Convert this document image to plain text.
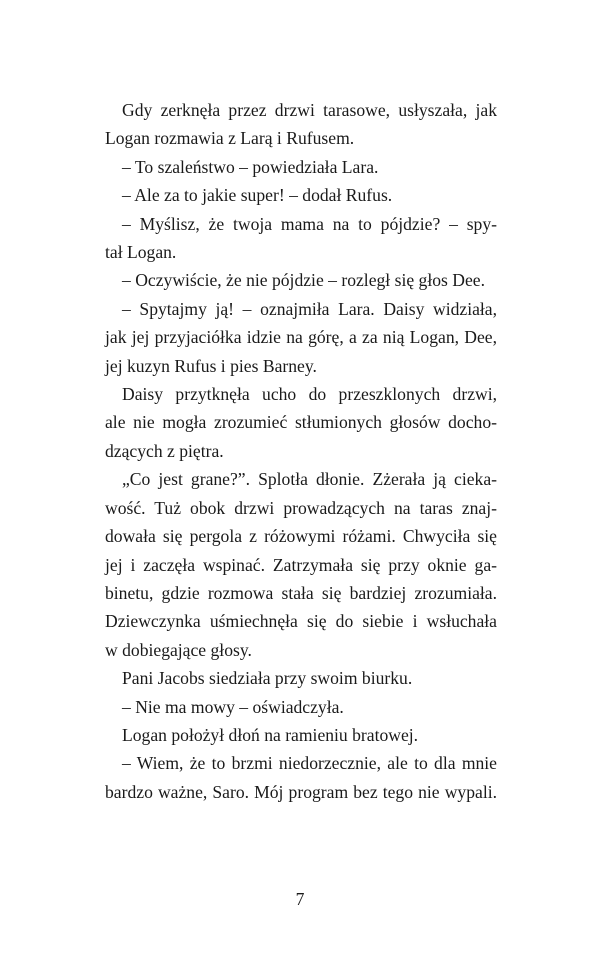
Gdy zerknęła przez drzwi tarasowe, usłyszała, jak
Logan rozmawia z Larą i Rufusem.

– To szaleństwo – powiedziała Lara.

– Ale za to jakie super! – dodał Rufus.

– Myślisz, że twoja mama na to pójdzie? – spy-
tał Logan.

– Oczywiście, że nie pójdzie – rozległ się głos Dee.

– Spytajmy ją! – oznajmiła Lara. Daisy widziała,
jak jej przyjaciółka idzie na górę, a za nią Logan, Dee,
jej kuzyn Rufus i pies Barney.

Daisy przytknęła ucho do przeszklonych drzwi,
ale nie mogła zrozumieć stłumionych głosów docho-
dzących z piętra.

„Co jest grane?”. Splotła dłonie. Zżerała ją cieka-
wość. Tuż obok drzwi prowadzących na taras znaj-
dowała się pergola z różowymi różami. Chwyciła się
jej i zaczęła wspinać. Zatrzymała się przy oknie ga-
binetu, gdzie rozmowa stała się bardziej zrozumiała.
Dziewczynka uśmiechnęła się do siebie i wsłuchała
w dobiegające głosy.

Pani Jacobs siedziała przy swoim biurku.

– Nie ma mowy – oświadczyła.

Logan położył dłoń na ramieniu bratowej.

– Wiem, że to brzmi niedorzecznie, ale to dla mnie
bardzo ważne, Saro. Mój program bez tego nie wypali.

7
